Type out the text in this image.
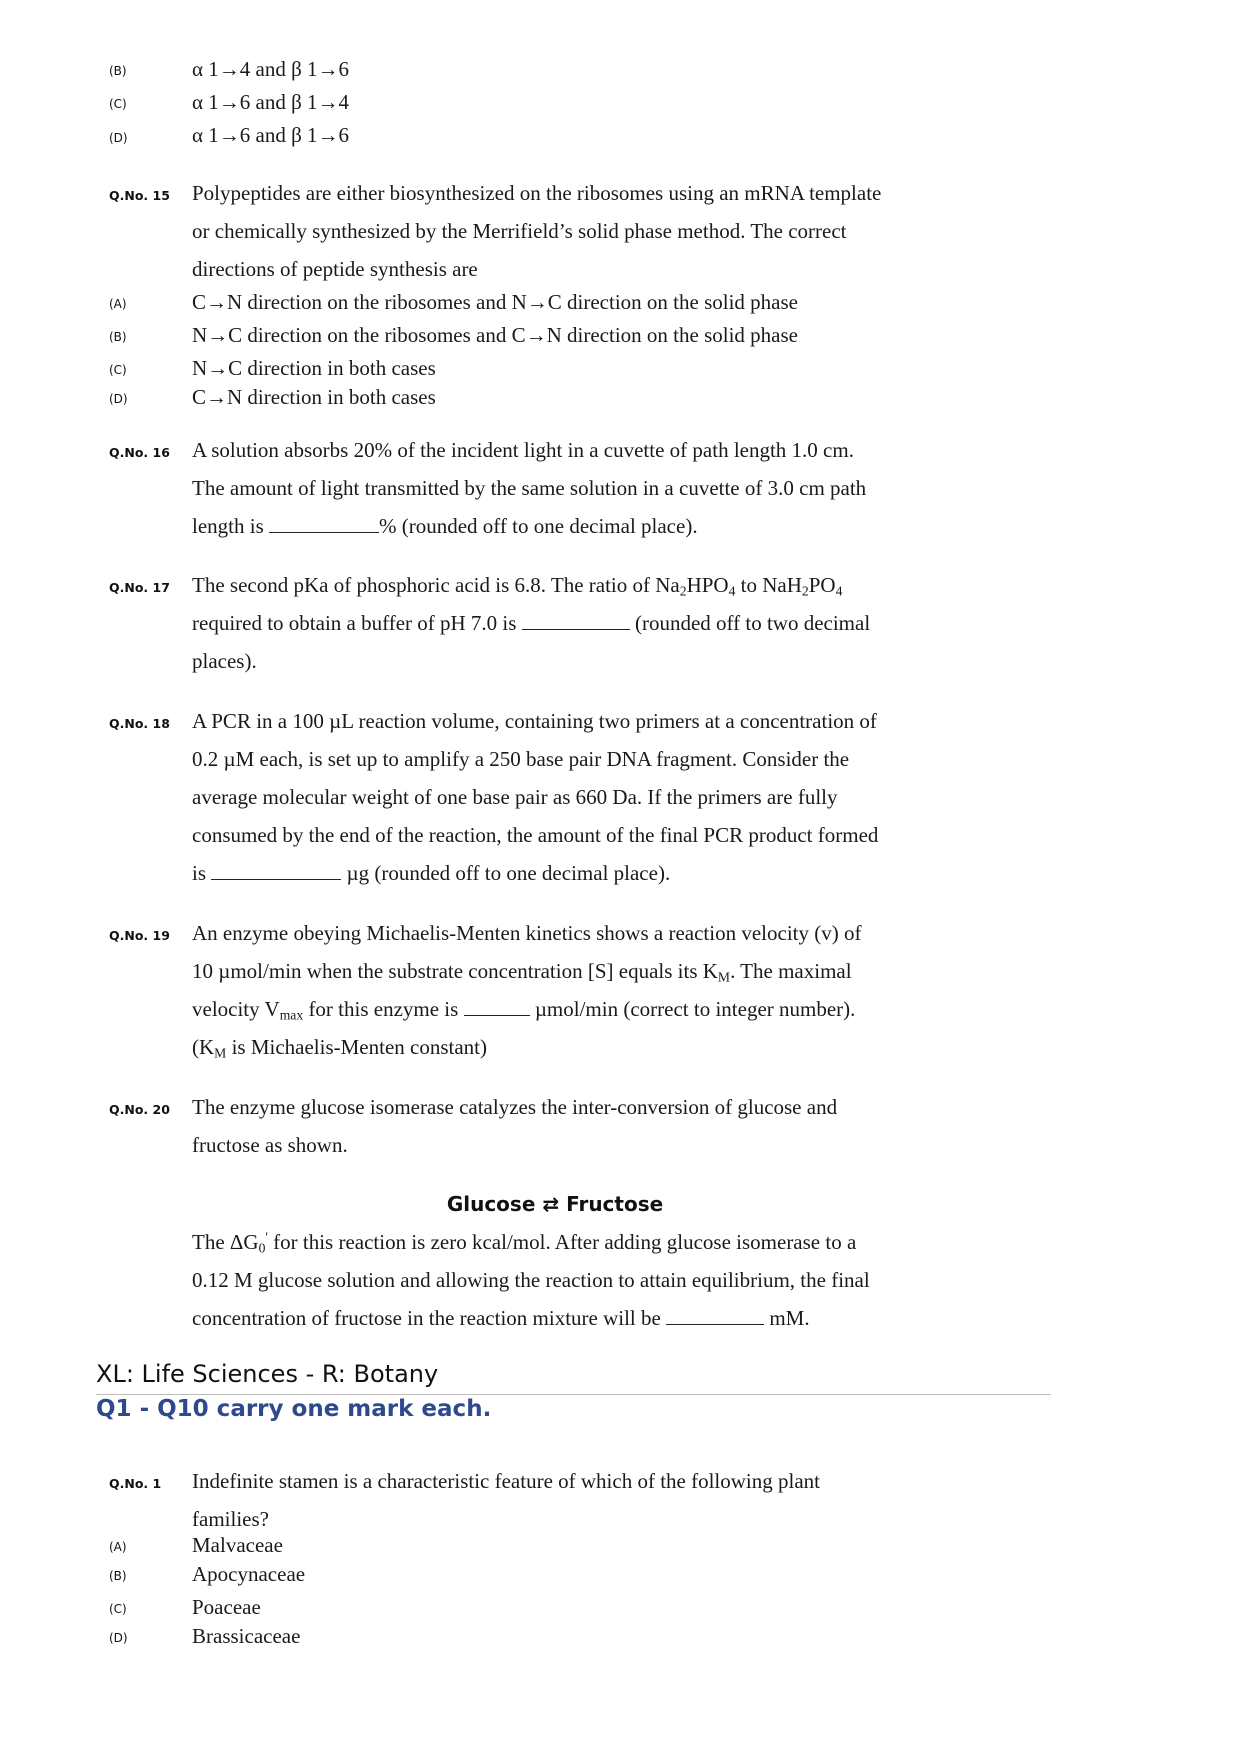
(B)	α 1→4 and β 1→6
(C)	α 1→6 and β 1→4
(D)	α 1→6 and β 1→6
Q.No. 15 Polypeptides are either biosynthesized on the ribosomes using an mRNA template
or chemically synthesized by the Merrifield’s solid phase method. The correct
directions of peptide synthesis are
(A)	C→N direction on the ribosomes and N→C direction on the solid phase
(B)	N→C direction on the ribosomes and C→N direction on the solid phase
(C)	N→C direction in both cases
(D)	C→N direction in both cases
Q.No. 16 A solution absorbs 20% of the incident light in a cuvette of path length 1.0 cm.
The amount of light transmitted by the same solution in a cuvette of 3.0 cm path
length is	% (rounded off to one decimal place).
Q.No. 17 The second pKa of phosphoric acid is 6.8. The ratio of $Na_2HPO_4$ to $NaH_2PO_4$
required to obtain a buffer of pH 7.0 is	(rounded off to two decimal
places).
Q.No. 18 A PCR in a 100 µL reaction volume, containing two primers at a concentration of
0.2 µM each, is set up to amplify a 250 base pair DNA fragment. Consider the
average molecular weight of one base pair as 660 Da. If the primers are fully
consumed by the end of the reaction, the amount of the final PCR product formed
is	µg (rounded off to one decimal place).
Q.No. 19 An enzyme obeying Michaelis-Menten kinetics shows a reaction velocity (v) of
10 µmol/min when the substrate concentration [S] equals its $K_M$. The maximal
velocity $V_{max}$ for this enzyme is	µmol/min (correct to integer number).
($K_M$ is Michaelis-Menten constant)
Q.No. 20 The enzyme glucose isomerase catalyzes the inter-conversion of glucose and
fructose as shown.
Glucose ⇄ Fructose
The $\Delta G_0'$ for this reaction is zero kcal/mol. After adding glucose isomerase to a
0.12 M glucose solution and allowing the reaction to attain equilibrium, the final
concentration of fructose in the reaction mixture will be	mM.
XL: Life Sciences - R: Botany
Q1 - Q10 carry one mark each.
Q.No. 1 Indefinite stamen is a characteristic feature of which of the following plant
families?
(A)	Malvaceae
(B)	Apocynaceae
(C)	Poaceae
(D)	Brassicaceae
